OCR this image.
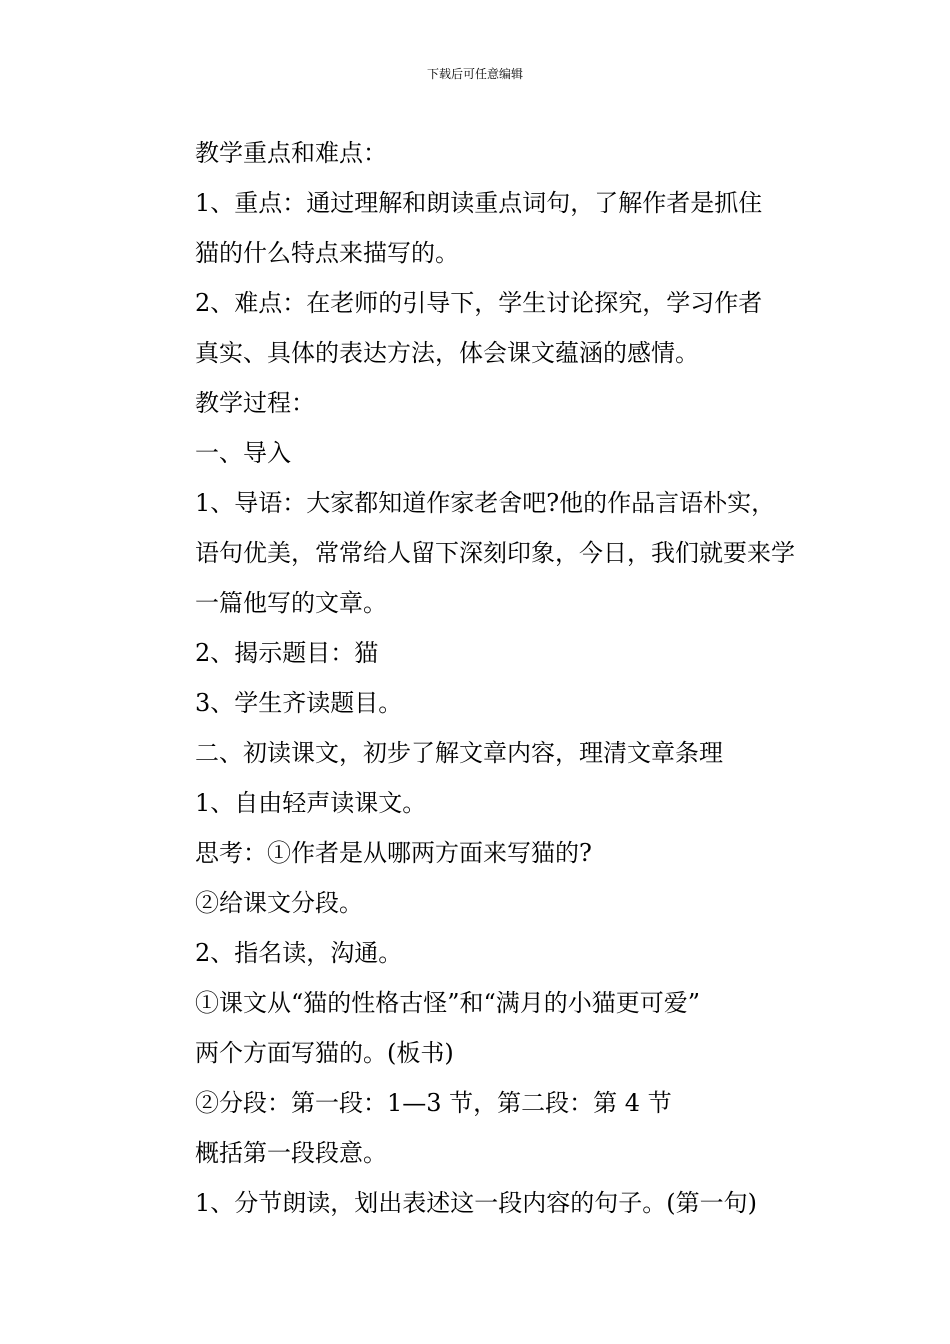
下载后可任意编辑

教学重点和难点：

1、重点：通过理解和朗读重点词句，了解作者是抓住
猫的什么特点来描写的。

2、难点：在老师的引导下，学生讨论探究，学习作者
真实、具体的表达方法，体会课文蕴涵的感情。

教学过程：

一、导入

1、导语：大家都知道作家老舍吧?他的作品言语朴实，
语句优美，常常给人留下深刻印象，今日，我们就要来学
一篇他写的文章。

2、揭示题目：猫

3、学生齐读题目。

二、初读课文，初步了解文章内容，理清文章条理

1、自由轻声读课文。

思考：①作者是从哪两方面来写猫的?

②给课文分段。

2、指名读，沟通。

①课文从“猫的性格古怪”和“满月的小猫更可爱”
两个方面写猫的。(板书)

②分段：第一段：1—3 节，第二段：第 4 节

概括第一段段意。

1、分节朗读，划出表述这一段内容的句子。(第一句)
